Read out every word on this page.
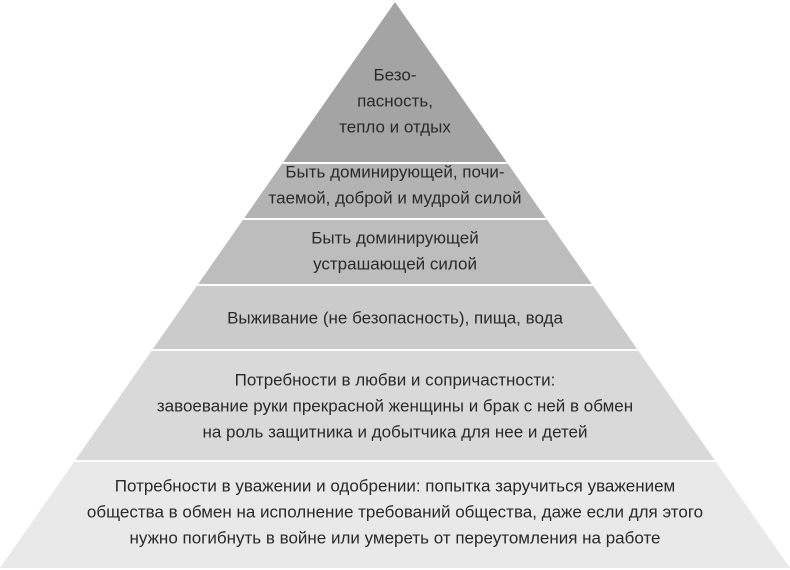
Безо-
пасность,
тепло и отдых
Быть доминирующей, почи-
таемой, доброй и мудрой силой
Быть доминирующей
устрашающей силой
Выживание (не безопасность), пища, вода
Потребности в любви и сопричастности:
завоевание руки прекрасной женщины и брак с ней в обмен
на роль защитника и добытчика для нее и детей
Потребности в уважении и одобрении: попытка заручиться уважением
общества в обмен на исполнение требований общества, даже если для этого
нужно погибнуть в войне или умереть от переутомления на работе
